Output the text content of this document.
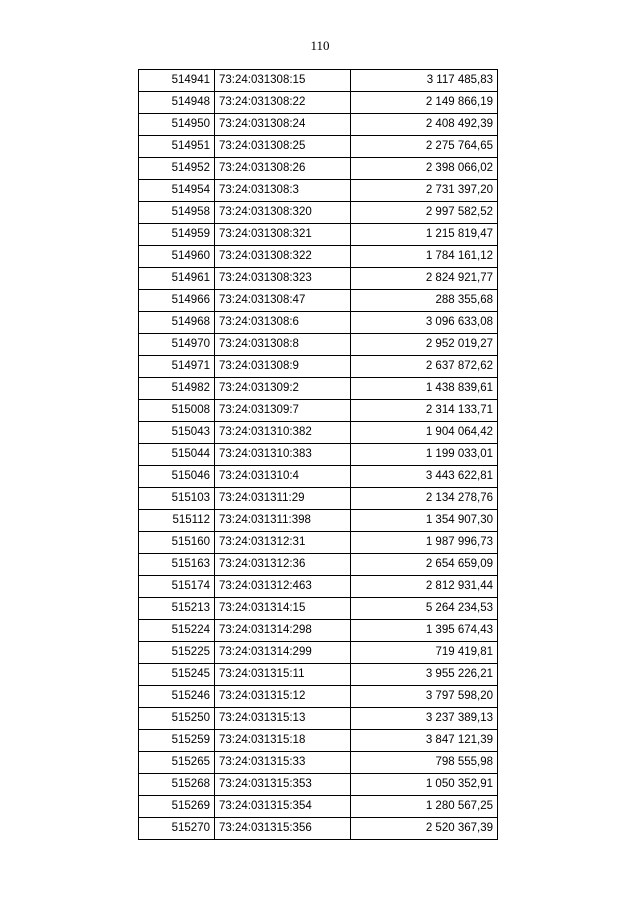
110
514941	73:24:031308:15	3 117 485,83
514948	73:24:031308:22	2 149 866,19
514950	73:24:031308:24	2 408 492,39
514951	73:24:031308:25	2 275 764,65
514952	73:24:031308:26	2 398 066,02
514954	73:24:031308:3	2 731 397,20
514958	73:24:031308:320	2 997 582,52
514959	73:24:031308:321	1 215 819,47
514960	73:24:031308:322	1 784 161,12
514961	73:24:031308:323	2 824 921,77
514966	73:24:031308:47	288 355,68
514968	73:24:031308:6	3 096 633,08
514970	73:24:031308:8	2 952 019,27
514971	73:24:031308:9	2 637 872,62
514982	73:24:031309:2	1 438 839,61
515008	73:24:031309:7	2 314 133,71
515043	73:24:031310:382	1 904 064,42
515044	73:24:031310:383	1 199 033,01
515046	73:24:031310:4	3 443 622,81
515103	73:24:031311:29	2 134 278,76
515112	73:24:031311:398	1 354 907,30
515160	73:24:031312:31	1 987 996,73
515163	73:24:031312:36	2 654 659,09
515174	73:24:031312:463	2 812 931,44
515213	73:24:031314:15	5 264 234,53
515224	73:24:031314:298	1 395 674,43
515225	73:24:031314:299	719 419,81
515245	73:24:031315:11	3 955 226,21
515246	73:24:031315:12	3 797 598,20
515250	73:24:031315:13	3 237 389,13
515259	73:24:031315:18	3 847 121,39
515265	73:24:031315:33	798 555,98
515268	73:24:031315:353	1 050 352,91
515269	73:24:031315:354	1 280 567,25
515270	73:24:031315:356	2 520 367,39
